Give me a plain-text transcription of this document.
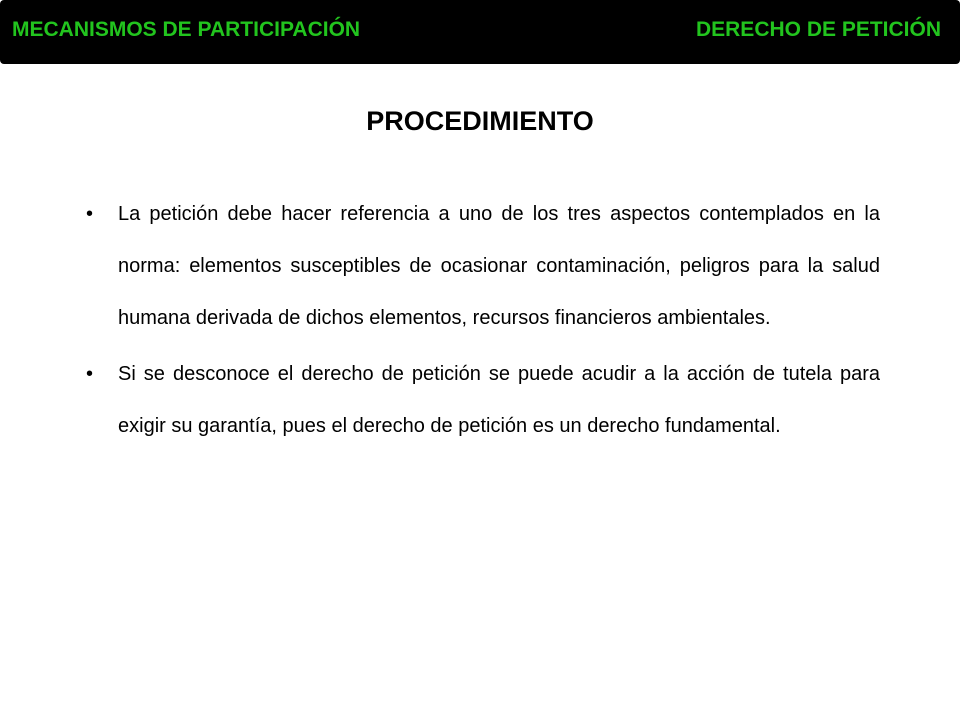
MECANISMOS DE PARTICIPACIÓN	DERECHO DE PETICIÓN
PROCEDIMIENTO
• La petición debe hacer referencia a uno de los tres aspectos contemplados en la norma: elementos susceptibles de ocasionar contaminación, peligros para la salud humana derivada de dichos elementos, recursos financieros ambientales.
• Si se desconoce el derecho de petición se puede acudir a la acción de tutela para exigir su garantía, pues el derecho de petición es un derecho fundamental.
